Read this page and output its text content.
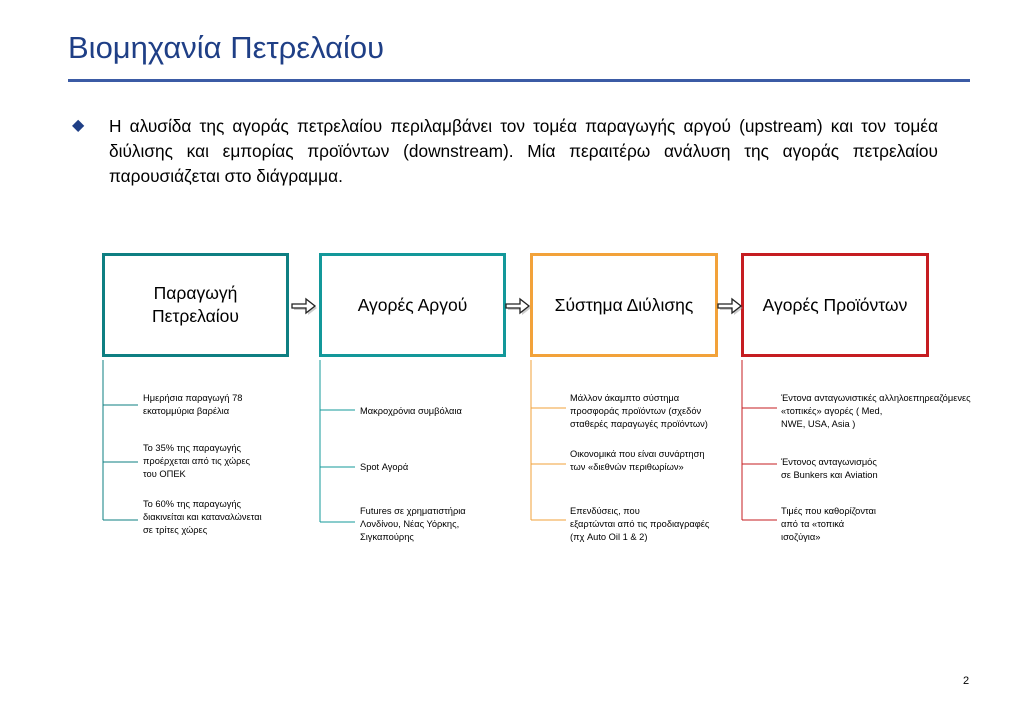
Βιομηχανία Πετρελαίου
◆ Η αλυσίδα της αγοράς πετρελαίου περιλαμβάνει τον τομέα παραγωγής αργού (upstream) και τον τομέα διύλισης και εμπορίας προϊόντων (downstream). Μία περαιτέρω ανάλυση της αγοράς πετρελαίου παρουσιάζεται στο διάγραμμα.

Παραγωγή
Πετρελαίου
Αγορές Αργού	Σύστημα Διύλισης	Αγορές Προϊόντων

Ημερήσια παραγωγή 78
εκατομμύρια βαρέλια

Το 35% της παραγωγής
προέρχεται από τις χώρες
του ΟΠΕΚ

Το 60% της παραγωγής
διακινείται και καταναλώνεται
σε τρίτες χώρες

Μακροχρόνια συμβόλαια

Spot Αγορά

Futures σε χρηματιστήρια
Λονδίνου, Νέας Υόρκης,
Σιγκαπούρης

Μάλλον άκαμπτο σύστημα
προσφοράς προϊόντων (σχεδόν
σταθερές παραγωγές προϊόντων)

Οικονομικά που είναι συνάρτηση
των «διεθνών περιθωρίων»

Επενδύσεις, που
εξαρτώνται από τις προδιαγραφές
(πχ Auto Oil 1 & 2)

Έντονα ανταγωνιστικές αλληλοεπηρεαζόμενες
«τοπικές» αγορές ( Med,
NWE, USA, Asia )

Έντονος ανταγωνισμός
σε Bunkers και Aviation

Τιμές που καθορίζονται
από τα «τοπικά
ισοζύγια»

2
